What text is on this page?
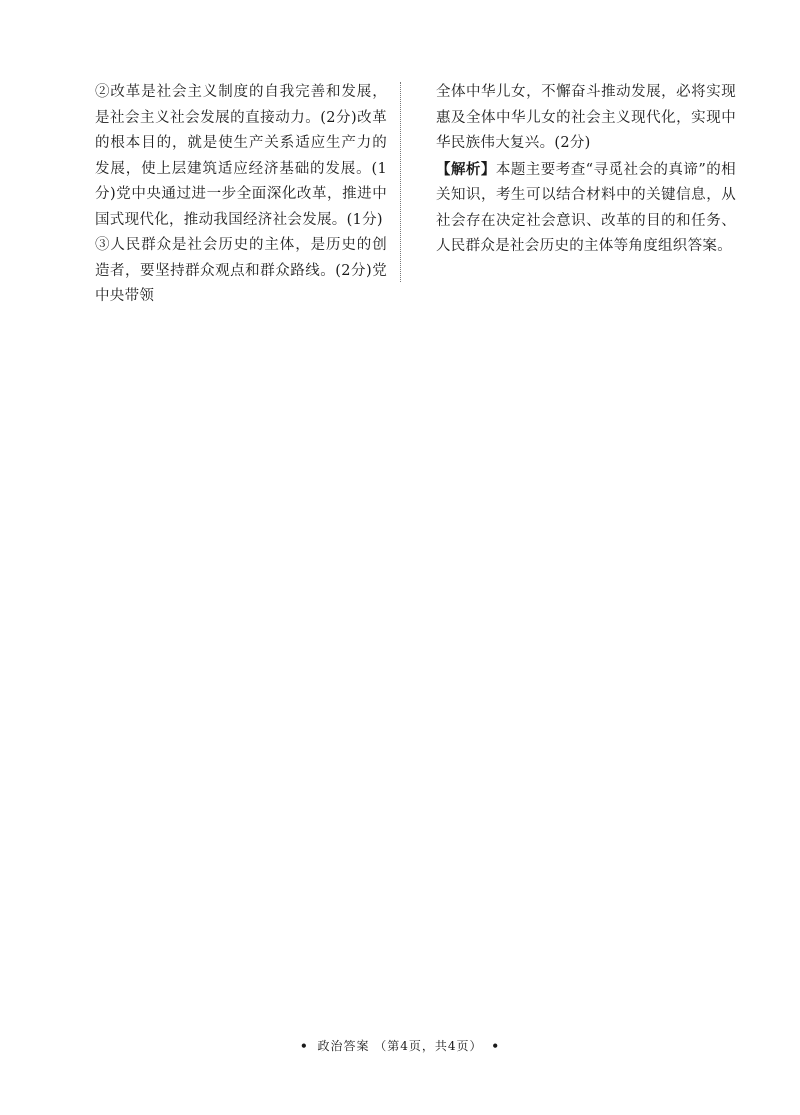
②改革是社会主义制度的自我完善和发展，是社会主义社会发展的直接动力。(2分)改革的根本目的，就是使生产关系适应生产力的发展，使上层建筑适应经济基础的发展。(1分)党中央通过进一步全面深化改革，推进中国式现代化，推动我国经济社会发展。(1分)

③人民群众是社会历史的主体，是历史的创造者，要坚持群众观点和群众路线。(2分)党中央带领

全体中华儿女，不懈奋斗推动发展，必将实现惠及全体中华儿女的社会主义现代化，实现中华民族伟大复兴。(2分)

【解析】本题主要考查“寻觅社会的真谛”的相关知识，考生可以结合材料中的关键信息，从社会存在决定社会意识、改革的目的和任务、人民群众是社会历史的主体等角度组织答案。

• 政治答案 （第4页，共4页） •
